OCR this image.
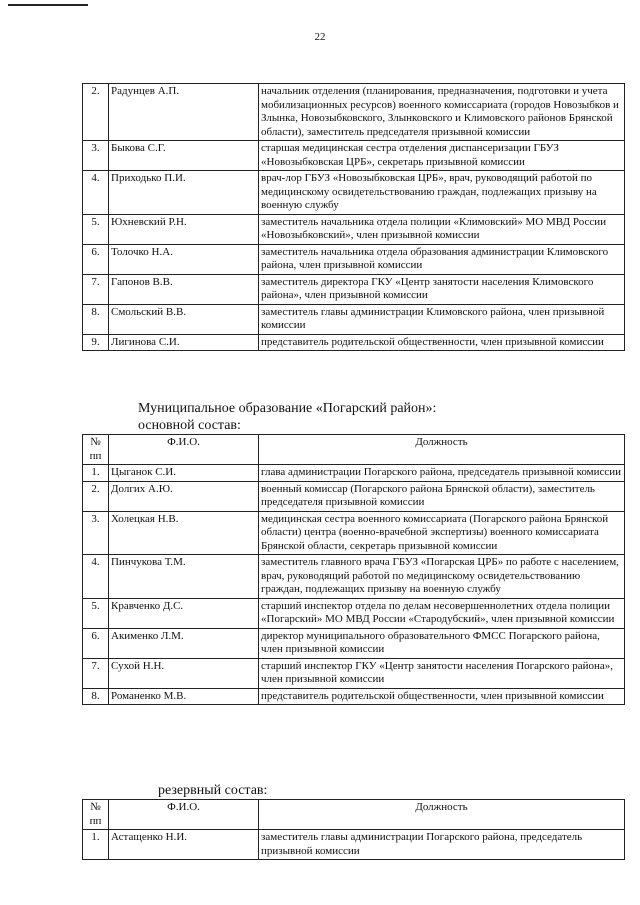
22
2.	Радунцев А.П.	начальник отделения (планирования, предназначения, подготовки и учета мобилизационных ресурсов) военного комиссариата (городов Новозыбков и Злынка, Новозыбковского, Злынковского и Климовского районов Брянской области), заместитель председателя призывной комиссии
3.	Быкова С.Г.	старшая медицинская сестра отделения диспансеризации ГБУЗ «Новозыбковская ЦРБ», секретарь призывной комиссии
4.	Приходько П.И.	врач-лор ГБУЗ «Новозыбковская ЦРБ», врач, руководящий работой по медицинскому освидетельствованию граждан, подлежащих призыву на военную службу
5.	Юхневский Р.Н.	заместитель начальника отдела полиции «Климовский» МО МВД России «Новозыбковский», член призывной комиссии
6.	Толочко Н.А.	заместитель начальника отдела образования администрации Климовского района, член призывной комиссии
7.	Гапонов В.В.	заместитель директора ГКУ «Центр занятости населения Климовского района», член призывной комиссии
8.	Смольский В.В.	заместитель главы администрации Климовского района, член призывной комиссии
9.	Лигинова С.И.	представитель родительской общественности, член призывной комиссии
Муниципальное образование «Погарский район»:
основной состав:
№ пп	Ф.И.О.	Должность
1.	Цыганок С.И.	глава администрации Погарского района, председатель призывной комиссии
2.	Долгих А.Ю.	военный комиссар (Погарского района Брянской области), заместитель председателя призывной комиссии
3.	Холецкая Н.В.	медицинская сестра военного комиссариата (Погарского района Брянской области) центра (военно-врачебной экспертизы) военного комиссариата Брянской области, секретарь призывной комиссии
4.	Пинчукова Т.М.	заместитель главного врача ГБУЗ «Погарская ЦРБ» по работе с населением, врач, руководящий работой по медицинскому освидетельствованию граждан, подлежащих призыву на военную службу
5.	Кравченко Д.С.	старший инспектор отдела по делам несовершеннолетних отдела полиции «Погарский» МО МВД России «Стародубский», член призывной комиссии
6.	Акименко Л.М.	директор муниципального образовательного ФМСС Погарского района, член призывной комиссии
7.	Сухой Н.Н.	старший инспектор ГКУ «Центр занятости населения Погарского района», член призывной комиссии
8.	Романенко М.В.	представитель родительской общественности, член призывной комиссии
резервный состав:
№ пп	Ф.И.О.	Должность
1.	Астащенко Н.И.	заместитель главы администрации Погарского района, председатель призывной комиссии
